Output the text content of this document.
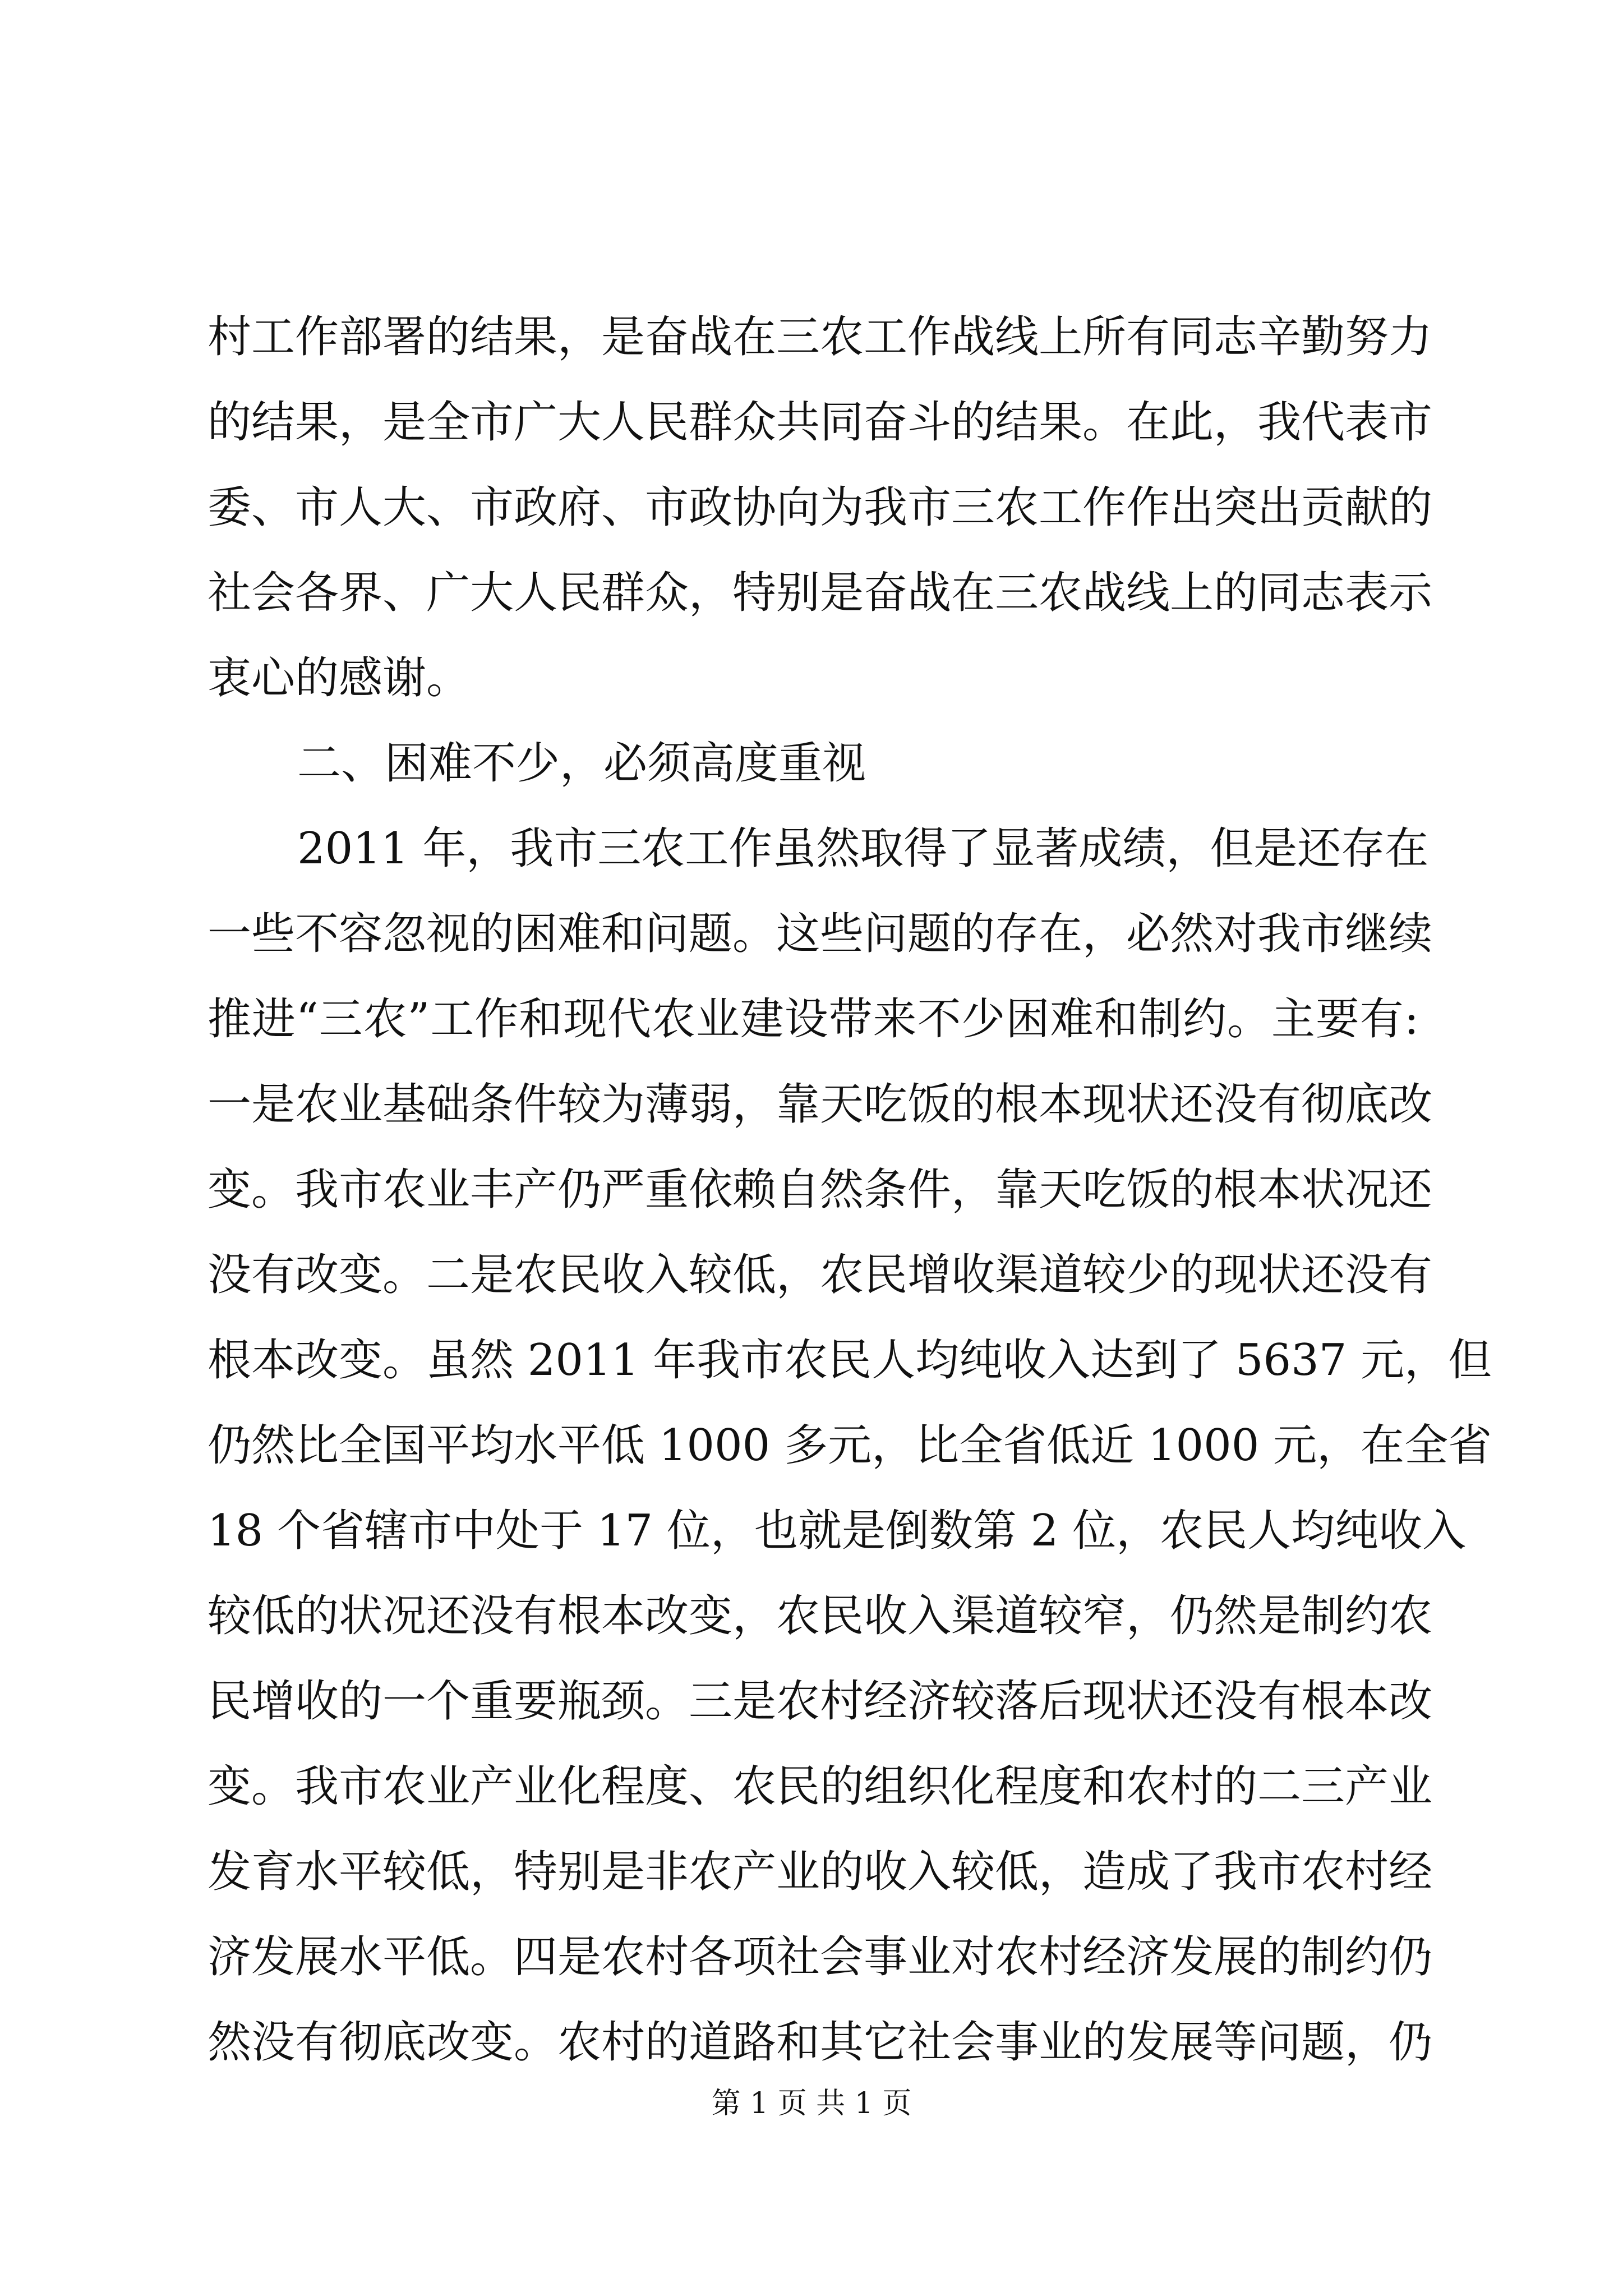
村工作部署的结果，是奋战在三农工作战线上所有同志辛勤努力
的结果，是全市广大人民群众共同奋斗的结果。在此，我代表市
委、市人大、市政府、市政协向为我市三农工作作出突出贡献的
社会各界、广大人民群众，特别是奋战在三农战线上的同志表示
衷心的感谢。
二、困难不少，必须高度重视
2011 年，我市三农工作虽然取得了显著成绩，但是还存在
一些不容忽视的困难和问题。这些问题的存在，必然对我市继续
推进“三农”工作和现代农业建设带来不少困难和制约。主要有:
一是农业基础条件较为薄弱，靠天吃饭的根本现状还没有彻底改
变。我市农业丰产仍严重依赖自然条件，靠天吃饭的根本状况还
没有改变。二是农民收入较低，农民增收渠道较少的现状还没有
根本改变。虽然 2011 年我市农民人均纯收入达到了 5637 元，但
仍然比全国平均水平低 1000 多元，比全省低近 1000 元，在全省
18 个省辖市中处于 17 位，也就是倒数第 2 位，农民人均纯收入
较低的状况还没有根本改变，农民收入渠道较窄，仍然是制约农
民增收的一个重要瓶颈。三是农村经济较落后现状还没有根本改
变。我市农业产业化程度、农民的组织化程度和农村的二三产业
发育水平较低，特别是非农产业的收入较低，造成了我市农村经
济发展水平低。四是农村各项社会事业对农村经济发展的制约仍
然没有彻底改变。农村的道路和其它社会事业的发展等问题，仍
第 1 页 共 1 页
